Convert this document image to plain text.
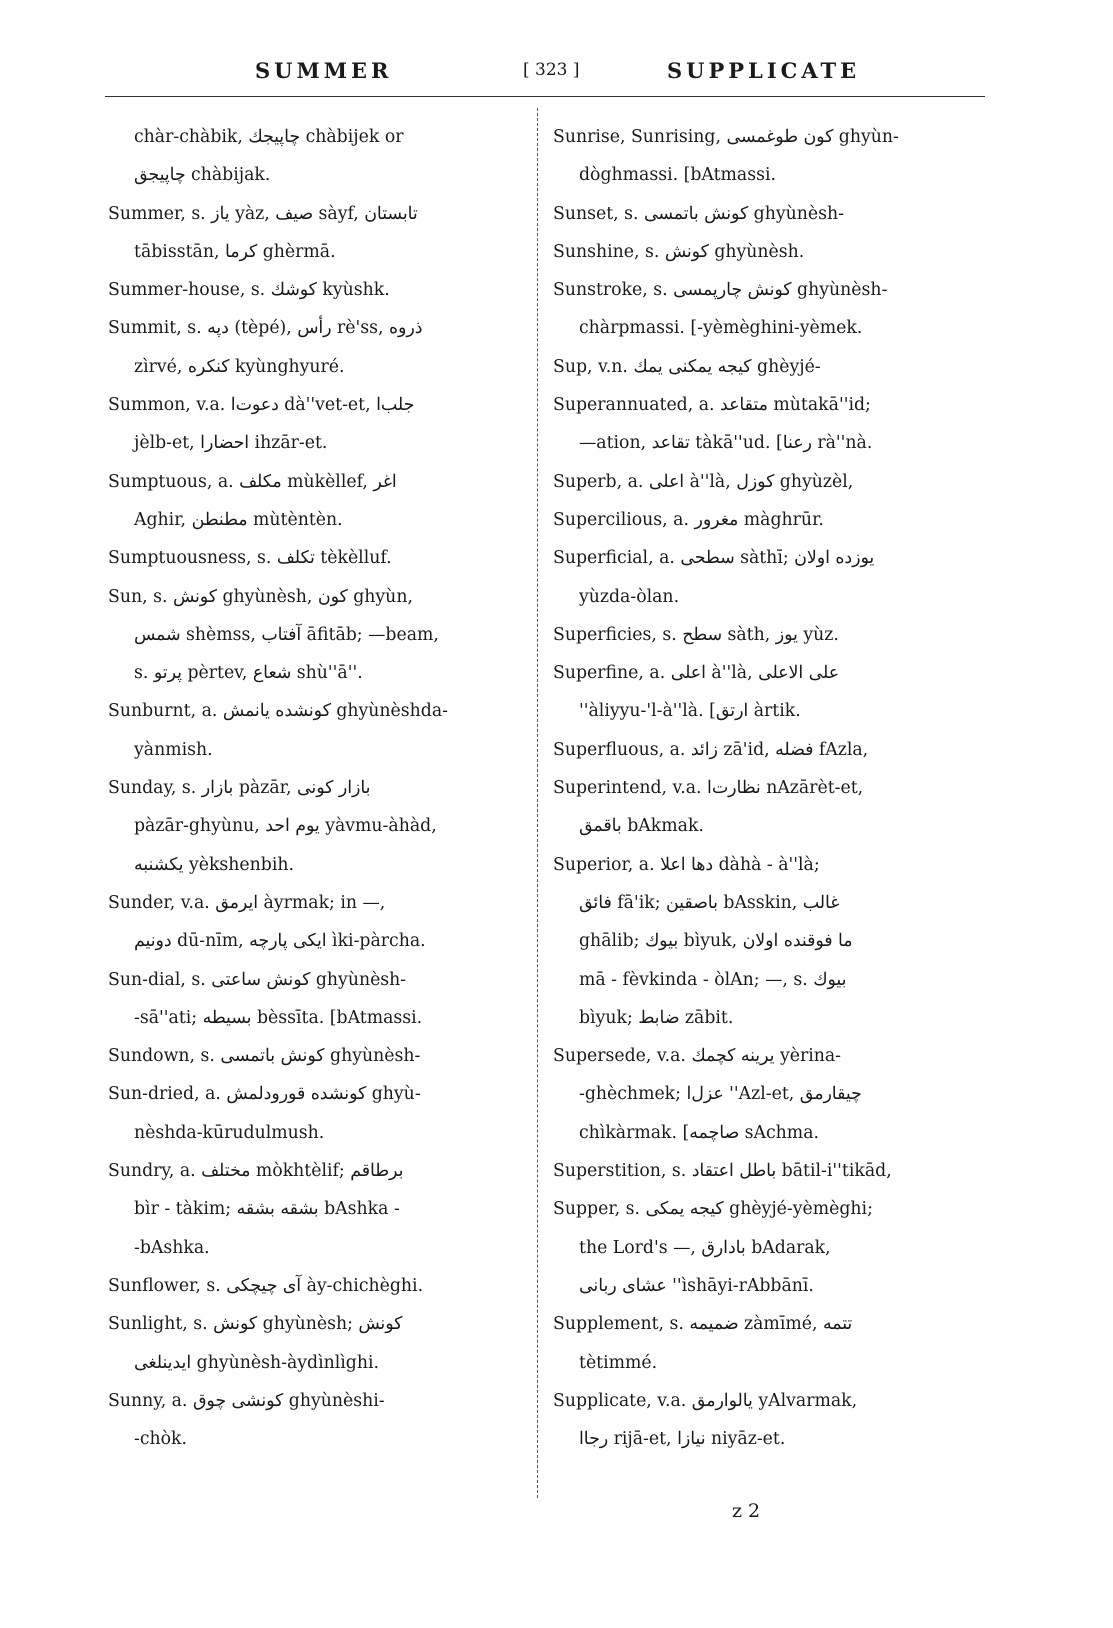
SUMMER	[ 323 ]	SUPPLICATE
chàr-chàbik, چاپیجك chàbijek or
چاپیجق chàbijak.
Summer, s. یاز yàz, صیف sàyf, تابستان
tābisstān, کرما ghèrmā.
Summer-house, s. کوشك kyùshk.
Summit, s. دپه (tèpé), رأس rè'ss, ذروه
zìrvé, کنکره kyùnghyuré.
Summon, v.a. دعوت‌ا dà''vet-et, جلب‌ا
jèlb-et, احضارا ihzār-et.
Sumptuous, a. مکلف mùkèllef, اغر
Aghir, مطنطن mùtèntèn.
Sumptuousness, s. تکلف tèkèlluf.
Sun, s. کونش ghyùnèsh, کون ghyùn,
شمس shèmss, آفتاب āfitāb; —beam,
s. پرتو pèrtev, شعاع shù''ā''.
Sunburnt, a. کونشده یانمش ghyùnèshda-
yànmish.
Sunday, s. بازار pàzār, بازار کونی
pàzār-ghyùnu, یوم احد yàvmu-àhàd,
یکشنبه yèkshenbih.
Sunder, v.a. ایرمق àyrmak; in —,
دونیم dū-nīm, ایکی پارچه ìki-pàrcha.
Sun-dial, s. کونش ساعتی ghyùnèsh-
-sā''ati; بسیطه bèssīta. [bAtmassi.
Sundown, s. کونش باتمسی ghyùnèsh-
Sun-dried, a. کونشده قورودلمش ghyù-
nèshda-kūrudulmush.
Sundry, a. مختلف mòkhtèlif; برطاقم
bìr - tàkim; بشقه بشقه bAshka -
-bAshka.
Sunflower, s. آی چیچکی ày-chichèghi.
Sunlight, s. کونش ghyùnèsh; کونش
ایدینلغی ghyùnèsh-àydìnlìghi.
Sunny, a. کونشی چوق ghyùnèshi-
-chòk.
Sunrise, Sunrising, کون طوغمسی ghyùn-
dòghmassi. [bAtmassi.
Sunset, s. کونش باتمسی ghyùnèsh-
Sunshine, s. کونش ghyùnèsh.
Sunstroke, s. کونش چارپمسی ghyùnèsh-
chàrpmassi. [-yèmèghini-yèmek.
Sup, v.n. کیجه یمکنی یمك ghèyjé-
Superannuated, a. متقاعد mùtakā''id;
—ation, تقاعد tàkā''ud. [رعنا rà''nà.
Superb, a. اعلی à''là, کوزل ghyùzèl,
Supercilious, a. مغرور màghrūr.
Superficial, a. سطحی sàthī; یوزده اولان
yùzda-òlan.
Superficies, s. سطح sàth, یوز yùz.
Superfine, a. اعلی à''là, علی الاعلی
''àliyyu-'l-à''là. [ارتق àrtik.
Superfluous, a. زائد zā'id, فضله fAzla,
Superintend, v.a. نظارت‌ا nAzārèt-et,
باقمق bAkmak.
Superior, a. دها اعلا dàhà - à''là;
فائق fā'ik; باصقین bAsskin, غالب
ghālib; بیوك bìyuk, ما فوقنده اولان
mā - fèvkinda - òlAn; —, s. بیوك
bìyuk; ضابط zābit.
Supersede, v.a. یرینه کچمك yèrina-
-ghèchmek; عزل‌ا ''Azl-et, چیقارمق
chìkàrmak. [صاچمه sAchma.
Superstition, s. باطل اعتقاد bātil-i''tikād,
Supper, s. کیجه یمکی ghèyjé-yèmèghi;
the Lord's —, بادارق bAdarak,
عشای ربانی ''ìshāyi-rAbbānī.
Supplement, s. ضمیمه zàmīmé, تتمه
tètimmé.
Supplicate, v.a. یالوارمق yAlvarmak,
رجاا rijā-et, نیازا niyāz-et.
z 2
